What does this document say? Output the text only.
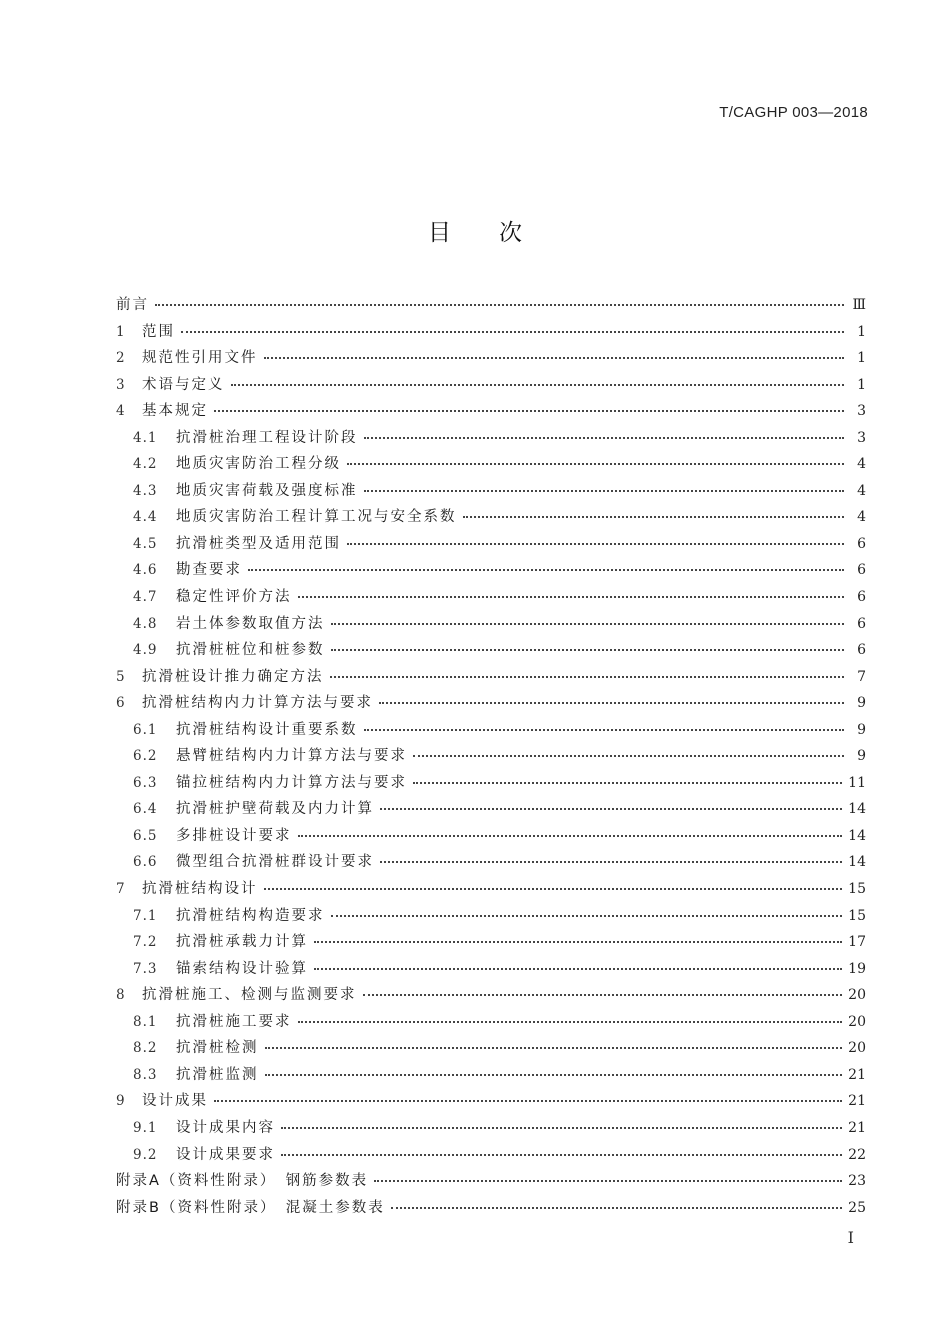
T/CAGHP 003—2018
目次
前言	Ⅲ
1	范围	1
2	规范性引用文件	1
3	术语与定义	1
4	基本规定	3
4.1	抗滑桩治理工程设计阶段	3
4.2	地质灾害防治工程分级	4
4.3	地质灾害荷载及强度标准	4
4.4	地质灾害防治工程计算工况与安全系数	4
4.5	抗滑桩类型及适用范围	6
4.6	勘查要求	6
4.7	稳定性评价方法	6
4.8	岩土体参数取值方法	6
4.9	抗滑桩桩位和桩参数	6
5	抗滑桩设计推力确定方法	7
6	抗滑桩结构内力计算方法与要求	9
6.1	抗滑桩结构设计重要系数	9
6.2	悬臂桩结构内力计算方法与要求	9
6.3	锚拉桩结构内力计算方法与要求	11
6.4	抗滑桩护壁荷载及内力计算	14
6.5	多排桩设计要求	14
6.6	微型组合抗滑桩群设计要求	14
7	抗滑桩结构设计	15
7.1	抗滑桩结构构造要求	15
7.2	抗滑桩承载力计算	17
7.3	锚索结构设计验算	19
8	抗滑桩施工、检测与监测要求	20
8.1	抗滑桩施工要求	20
8.2	抗滑桩检测	20
8.3	抗滑桩监测	21
9	设计成果	21
9.1	设计成果内容	21
9.2	设计成果要求	22
附录A（资料性附录）　钢筋参数表	23
附录B（资料性附录）　混凝土参数表	25
I
